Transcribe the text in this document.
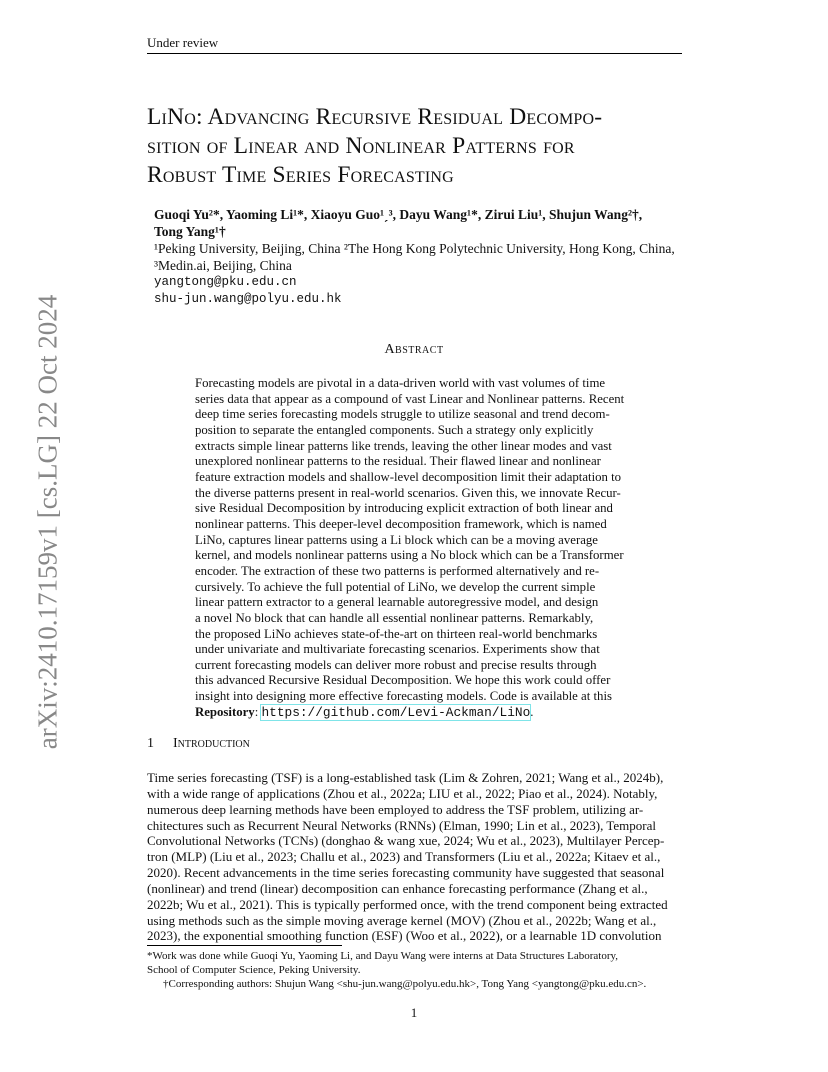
Under review
arXiv:2410.17159v1 [cs.LG] 22 Oct 2024
LiNo: Advancing Recursive Residual Decompo-
sition of Linear and Nonlinear Patterns for
Robust Time Series Forecasting
Guoqi Yu²*, Yaoming Li¹*, Xiaoyu Guo¹ˏ³, Dayu Wang¹*, Zirui Liu¹, Shujun Wang²†,
Tong Yang¹†
¹Peking University, Beijing, China ²The Hong Kong Polytechnic University, Hong Kong, China,
³Medin.ai, Beijing, China
yangtong@pku.edu.cn
shu-jun.wang@polyu.edu.hk
Abstract
Forecasting models are pivotal in a data-driven world with vast volumes of time
series data that appear as a compound of vast Linear and Nonlinear patterns. Recent
deep time series forecasting models struggle to utilize seasonal and trend decom-
position to separate the entangled components. Such a strategy only explicitly
extracts simple linear patterns like trends, leaving the other linear modes and vast
unexplored nonlinear patterns to the residual. Their flawed linear and nonlinear
feature extraction models and shallow-level decomposition limit their adaptation to
the diverse patterns present in real-world scenarios. Given this, we innovate Recur-
sive Residual Decomposition by introducing explicit extraction of both linear and
nonlinear patterns. This deeper-level decomposition framework, which is named
LiNo, captures linear patterns using a Li block which can be a moving average
kernel, and models nonlinear patterns using a No block which can be a Transformer
encoder. The extraction of these two patterns is performed alternatively and re-
cursively. To achieve the full potential of LiNo, we develop the current simple
linear pattern extractor to a general learnable autoregressive model, and design
a novel No block that can handle all essential nonlinear patterns. Remarkably,
the proposed LiNo achieves state-of-the-art on thirteen real-world benchmarks
under univariate and multivariate forecasting scenarios. Experiments show that
current forecasting models can deliver more robust and precise results through
this advanced Recursive Residual Decomposition. We hope this work could offer
insight into designing more effective forecasting models. Code is available at this
Repository: https://github.com/Levi-Ackman/LiNo.
1 Introduction
Time series forecasting (TSF) is a long-established task (Lim & Zohren, 2021; Wang et al., 2024b),
with a wide range of applications (Zhou et al., 2022a; LIU et al., 2022; Piao et al., 2024). Notably,
numerous deep learning methods have been employed to address the TSF problem, utilizing ar-
chitectures such as Recurrent Neural Networks (RNNs) (Elman, 1990; Lin et al., 2023), Temporal
Convolutional Networks (TCNs) (donghao & wang xue, 2024; Wu et al., 2023), Multilayer Percep-
tron (MLP) (Liu et al., 2023; Challu et al., 2023) and Transformers (Liu et al., 2022a; Kitaev et al.,
2020). Recent advancements in the time series forecasting community have suggested that seasonal
(nonlinear) and trend (linear) decomposition can enhance forecasting performance (Zhang et al.,
2022b; Wu et al., 2021). This is typically performed once, with the trend component being extracted
using methods such as the simple moving average kernel (MOV) (Zhou et al., 2022b; Wang et al.,
2023), the exponential smoothing function (ESF) (Woo et al., 2022), or a learnable 1D convolution
*Work was done while Guoqi Yu, Yaoming Li, and Dayu Wang were interns at Data Structures Laboratory,
School of Computer Science, Peking University.
†Corresponding authors: Shujun Wang <shu-jun.wang@polyu.edu.hk>, Tong Yang <yangtong@pku.edu.cn>.
1
